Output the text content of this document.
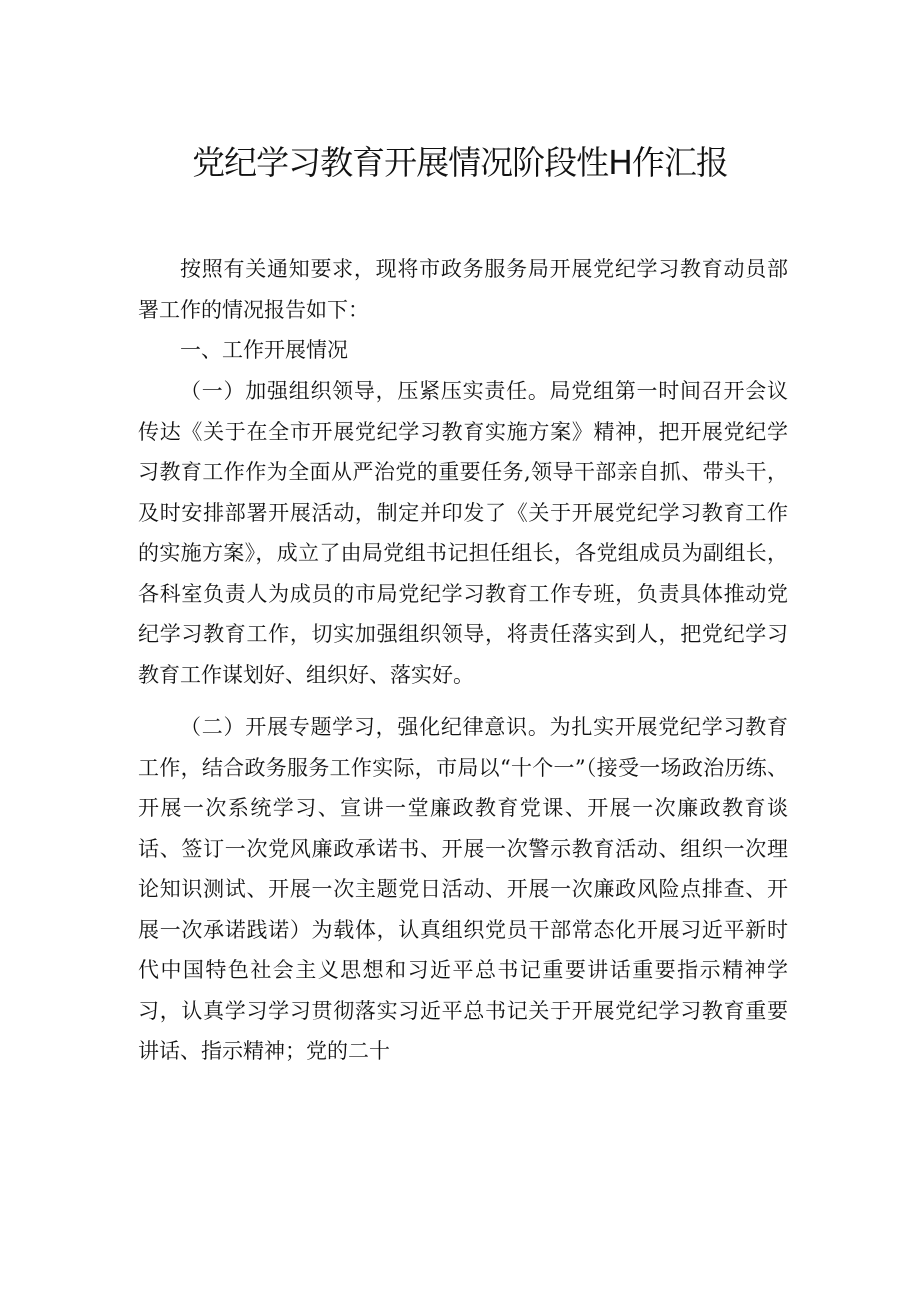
党纪学习教育开展情况阶段性H作汇报

按照有关通知要求，现将市政务服务局开展党纪学习教育动员部署工作的情况报告如下：

一、工作开展情况

（一）加强组织领导，压紧压实责任。局党组第一时间召开会议传达《关于在全市开展党纪学习教育实施方案》精神，把开展党纪学习教育工作作为全面从严治党的重要任务,领导干部亲自抓、带头干，及时安排部署开展活动，制定并印发了《关于开展党纪学习教育工作的实施方案》，成立了由局党组书记担任组长，各党组成员为副组长，各科室负责人为成员的市局党纪学习教育工作专班，负责具体推动党纪学习教育工作，切实加强组织领导，将责任落实到人，把党纪学习教育工作谋划好、组织好、落实好。

（二）开展专题学习，强化纪律意识。为扎实开展党纪学习教育工作，结合政务服务工作实际，市局以“十个一”（接受一场政治历练、开展一次系统学习、宣讲一堂廉政教育党课、开展一次廉政教育谈话、签订一次党风廉政承诺书、开展一次警示教育活动、组织一次理论知识测试、开展一次主题党日活动、开展一次廉政风险点排查、开展一次承诺践诺）为载体，认真组织党员干部常态化开展习近平新时代中国特色社会主义思想和习近平总书记重要讲话重要指示精神学习，认真学习学习贯彻落实习近平总书记关于开展党纪学习教育重要讲话、指示精神；党的二十
